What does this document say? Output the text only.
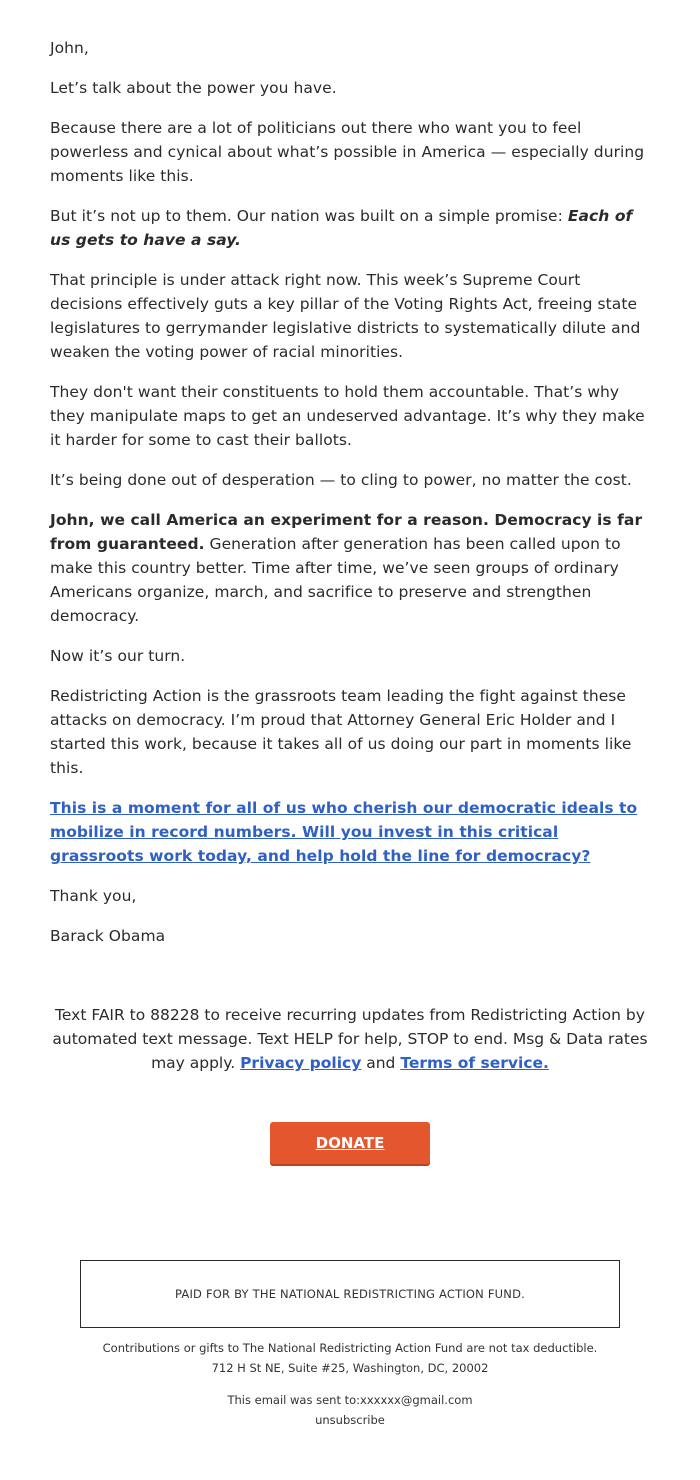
John,

Let’s talk about the power you have.

Because there are a lot of politicians out there who want you to feel powerless and cynical about what’s possible in America — especially during moments like this.

But it’s not up to them. Our nation was built on a simple promise: Each of us gets to have a say.

That principle is under attack right now. This week’s Supreme Court decisions effectively guts a key pillar of the Voting Rights Act, freeing state legislatures to gerrymander legislative districts to systematically dilute and weaken the voting power of racial minorities.

They don't want their constituents to hold them accountable. That’s why they manipulate maps to get an undeserved advantage. It’s why they make it harder for some to cast their ballots.

It’s being done out of desperation — to cling to power, no matter the cost.

John, we call America an experiment for a reason. Democracy is far from guaranteed. Generation after generation has been called upon to make this country better. Time after time, we’ve seen groups of ordinary Americans organize, march, and sacrifice to preserve and strengthen democracy.

Now it’s our turn.

Redistricting Action is the grassroots team leading the fight against these attacks on democracy. I’m proud that Attorney General Eric Holder and I started this work, because it takes all of us doing our part in moments like this.

This is a moment for all of us who cherish our democratic ideals to mobilize in record numbers. Will you invest in this critical grassroots work today, and help hold the line for democracy?

Thank you,

Barack Obama

Text FAIR to 88228 to receive recurring updates from Redistricting Action by automated text message. Text HELP for help, STOP to end. Msg & Data rates may apply. Privacy policy and Terms of service.
DONATE
PAID FOR BY THE NATIONAL REDISTRICTING ACTION FUND.
Contributions or gifts to The National Redistricting Action Fund are not tax deductible.
712 H St NE, Suite #25, Washington, DC, 20002
This email was sent to:xxxxxx@gmail.com
unsubscribe
